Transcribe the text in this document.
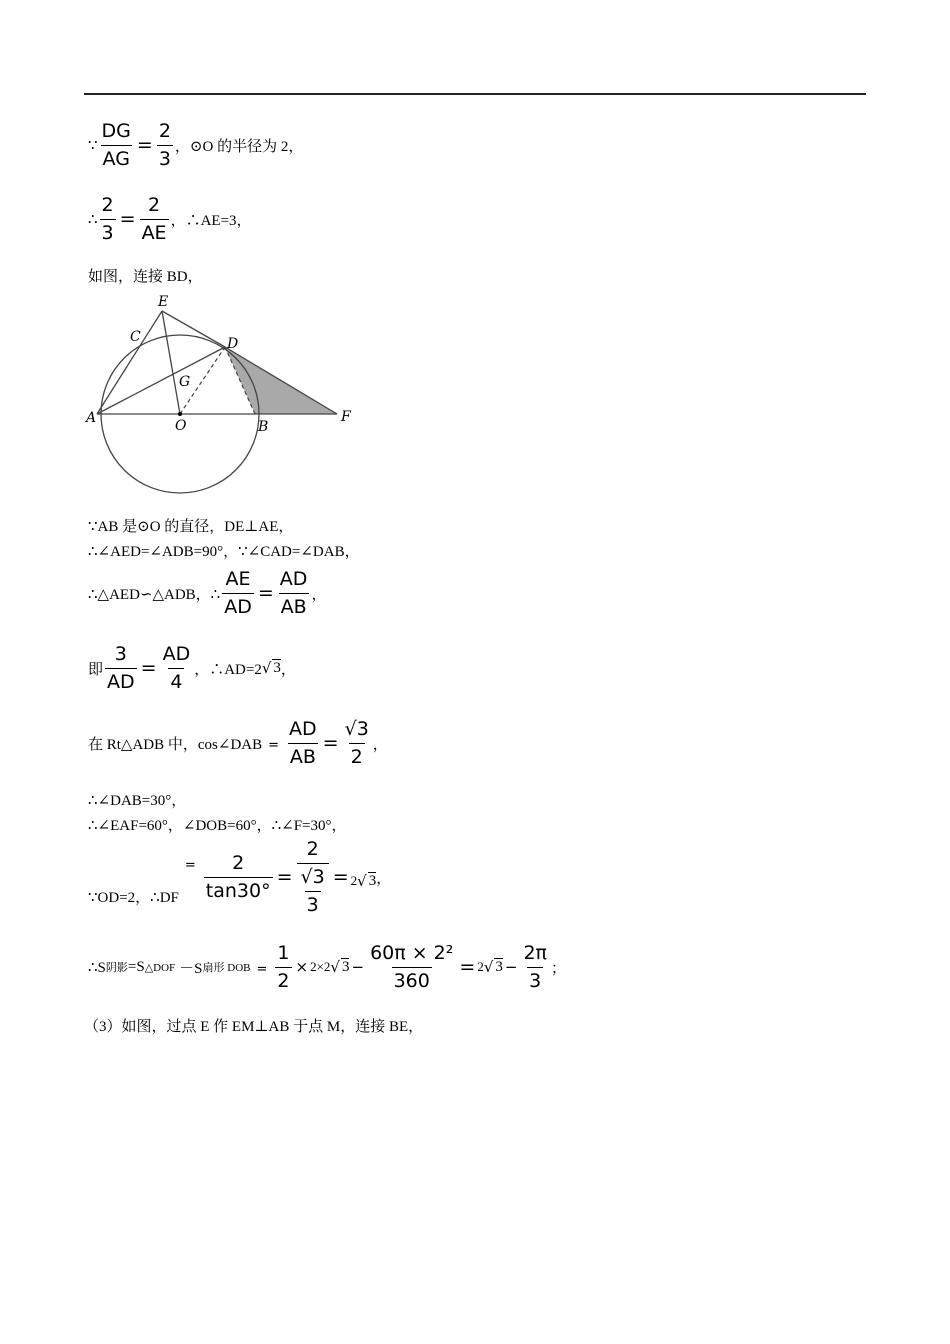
∵ $\frac{DG}{AG} = \frac{2}{3}$ ，⊙O 的半径为 2，
∴ $\frac{2}{3} = \frac{2}{AE}$ ，∴AE=3，
如图，连接 BD，
E
C	D
G
A	O	B
F
∵AB 是⊙O 的直径，DE⊥AE，
∴∠AED=∠ADB=90°，∵∠CAD=∠DAB，
∴△AED∽△ADB，∴ $\frac{AE}{AD} = \frac{AD}{AB}$ ，
即 $\frac{3}{AD} = \frac{AD}{4}$ ，∴AD=2 √ 3 ，
在 Rt△ADB 中，cos∠DAB = $\frac{AD}{AB} = \frac{√3}{2}$ ，
∴∠DAB=30°，
∴∠EAF=60°，∠DOB=60°，∴∠F=30°，
∵OD=2，∴DF
= $\frac{2}{\tan 30^\circ} = \frac{2}{\frac{√3}{3}} = 2$ √ 3 ，
∴S 阴影 =S △DOF －S 扇形 DOB = $\frac{1}{2} \times 2\times 2$ √ $3 - \frac{\text{60π × 2²}}{360} = 2$ √ $3 - \frac{2\pi}{3}$ ；
（3）如图，过点 E 作 EM⊥AB 于点 M，连接 BE，
